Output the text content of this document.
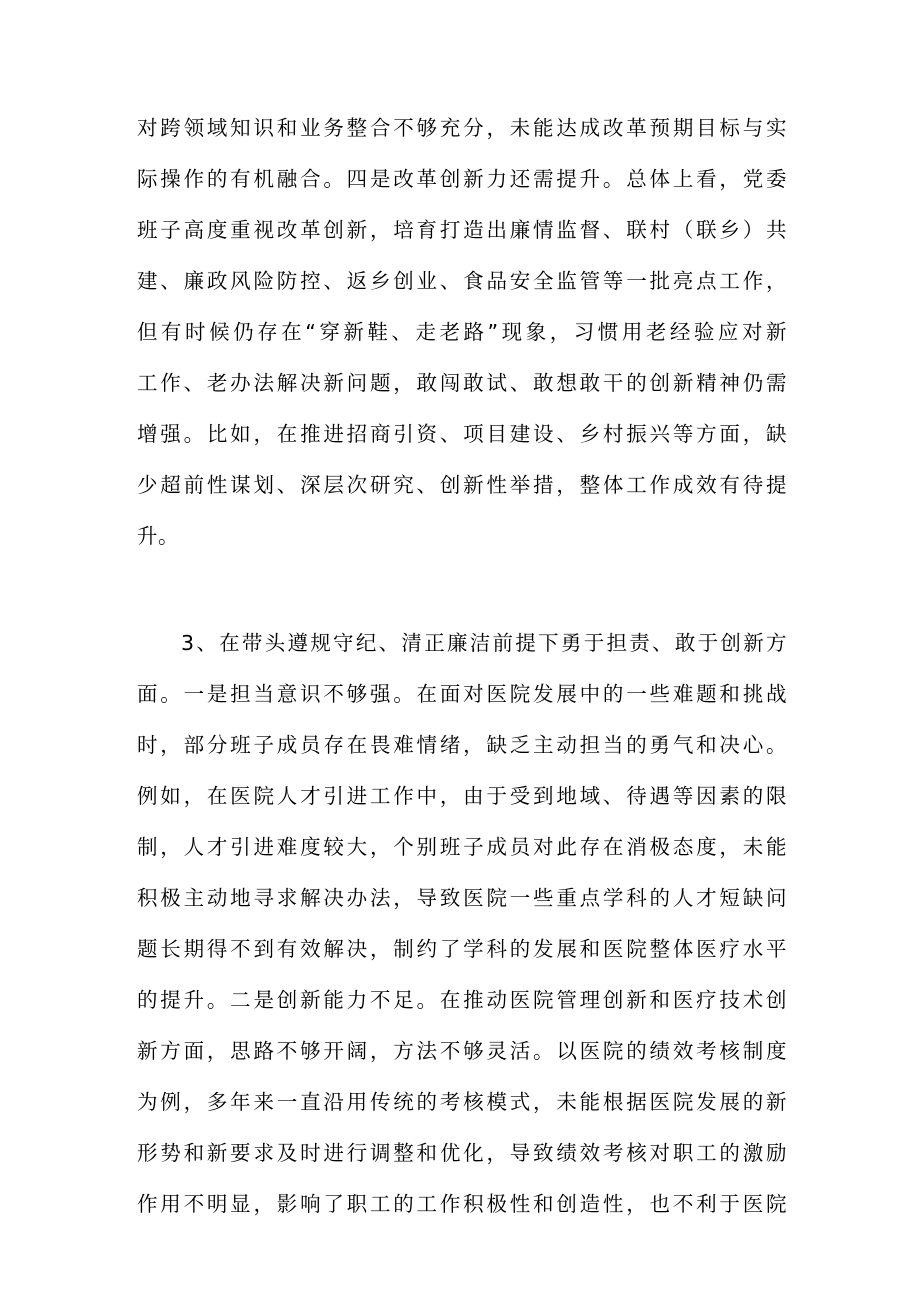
对跨领域知识和业务整合不够充分，未能达成改革预期目标与实
际操作的有机融合。四是改革创新力还需提升。总体上看，党委
班子高度重视改革创新，培育打造出廉情监督、联村（联乡）共
建、廉政风险防控、返乡创业、食品安全监管等一批亮点工作，
但有时候仍存在“穿新鞋、走老路”现象，习惯用老经验应对新
工作、老办法解决新问题，敢闯敢试、敢想敢干的创新精神仍需
增强。比如，在推进招商引资、项目建设、乡村振兴等方面，缺
少超前性谋划、深层次研究、创新性举措，整体工作成效有待提
升。
3、在带头遵规守纪、清正廉洁前提下勇于担责、敢于创新方
面。一是担当意识不够强。在面对医院发展中的一些难题和挑战
时，部分班子成员存在畏难情绪，缺乏主动担当的勇气和决心。
例如，在医院人才引进工作中，由于受到地域、待遇等因素的限
制，人才引进难度较大，个别班子成员对此存在消极态度，未能
积极主动地寻求解决办法，导致医院一些重点学科的人才短缺问
题长期得不到有效解决，制约了学科的发展和医院整体医疗水平
的提升。二是创新能力不足。在推动医院管理创新和医疗技术创
新方面，思路不够开阔，方法不够灵活。以医院的绩效考核制度
为例，多年来一直沿用传统的考核模式，未能根据医院发展的新
形势和新要求及时进行调整和优化，导致绩效考核对职工的激励
作用不明显，影响了职工的工作积极性和创造性，也不利于医院
